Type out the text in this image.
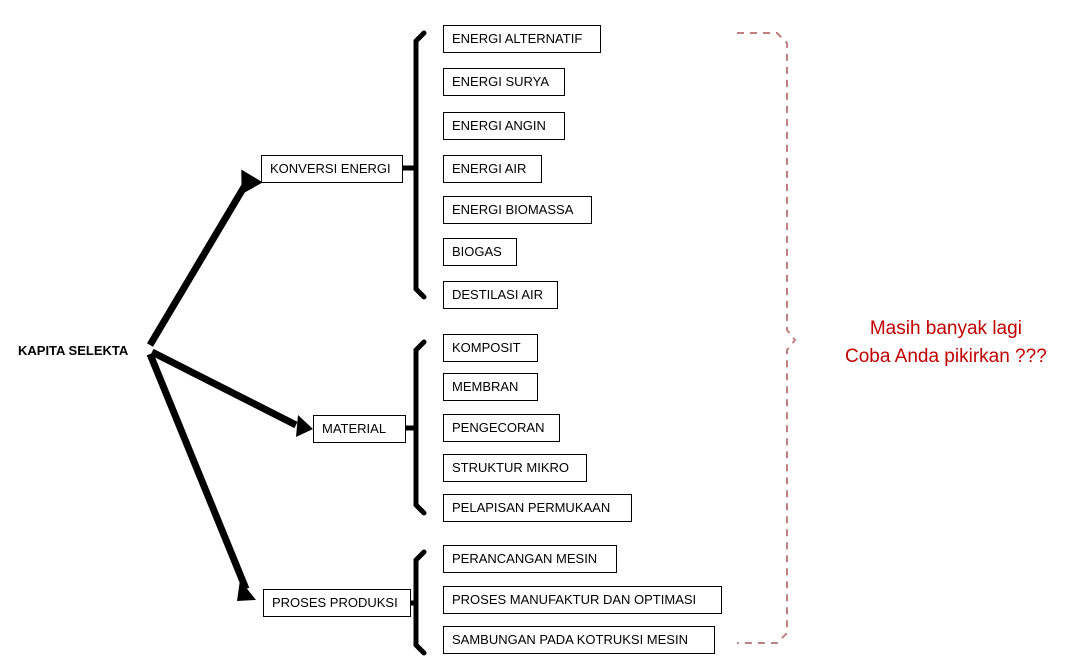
KAPITA SELEKTA
KONVERSI ENERGI
ENERGI ALTERNATIF
ENERGI SURYA
ENERGI ANGIN
ENERGI AIR
ENERGI BIOMASSA
BIOGAS
DESTILASI AIR
MATERIAL
KOMPOSIT
MEMBRAN
PENGECORAN
STRUKTUR MIKRO
PELAPISAN PERMUKAAN
PROSES PRODUKSI
PERANCANGAN MESIN
PROSES MANUFAKTUR DAN OPTIMASI
SAMBUNGAN PADA KOTRUKSI MESIN
Masih banyak lagi
Coba Anda pikirkan ???
